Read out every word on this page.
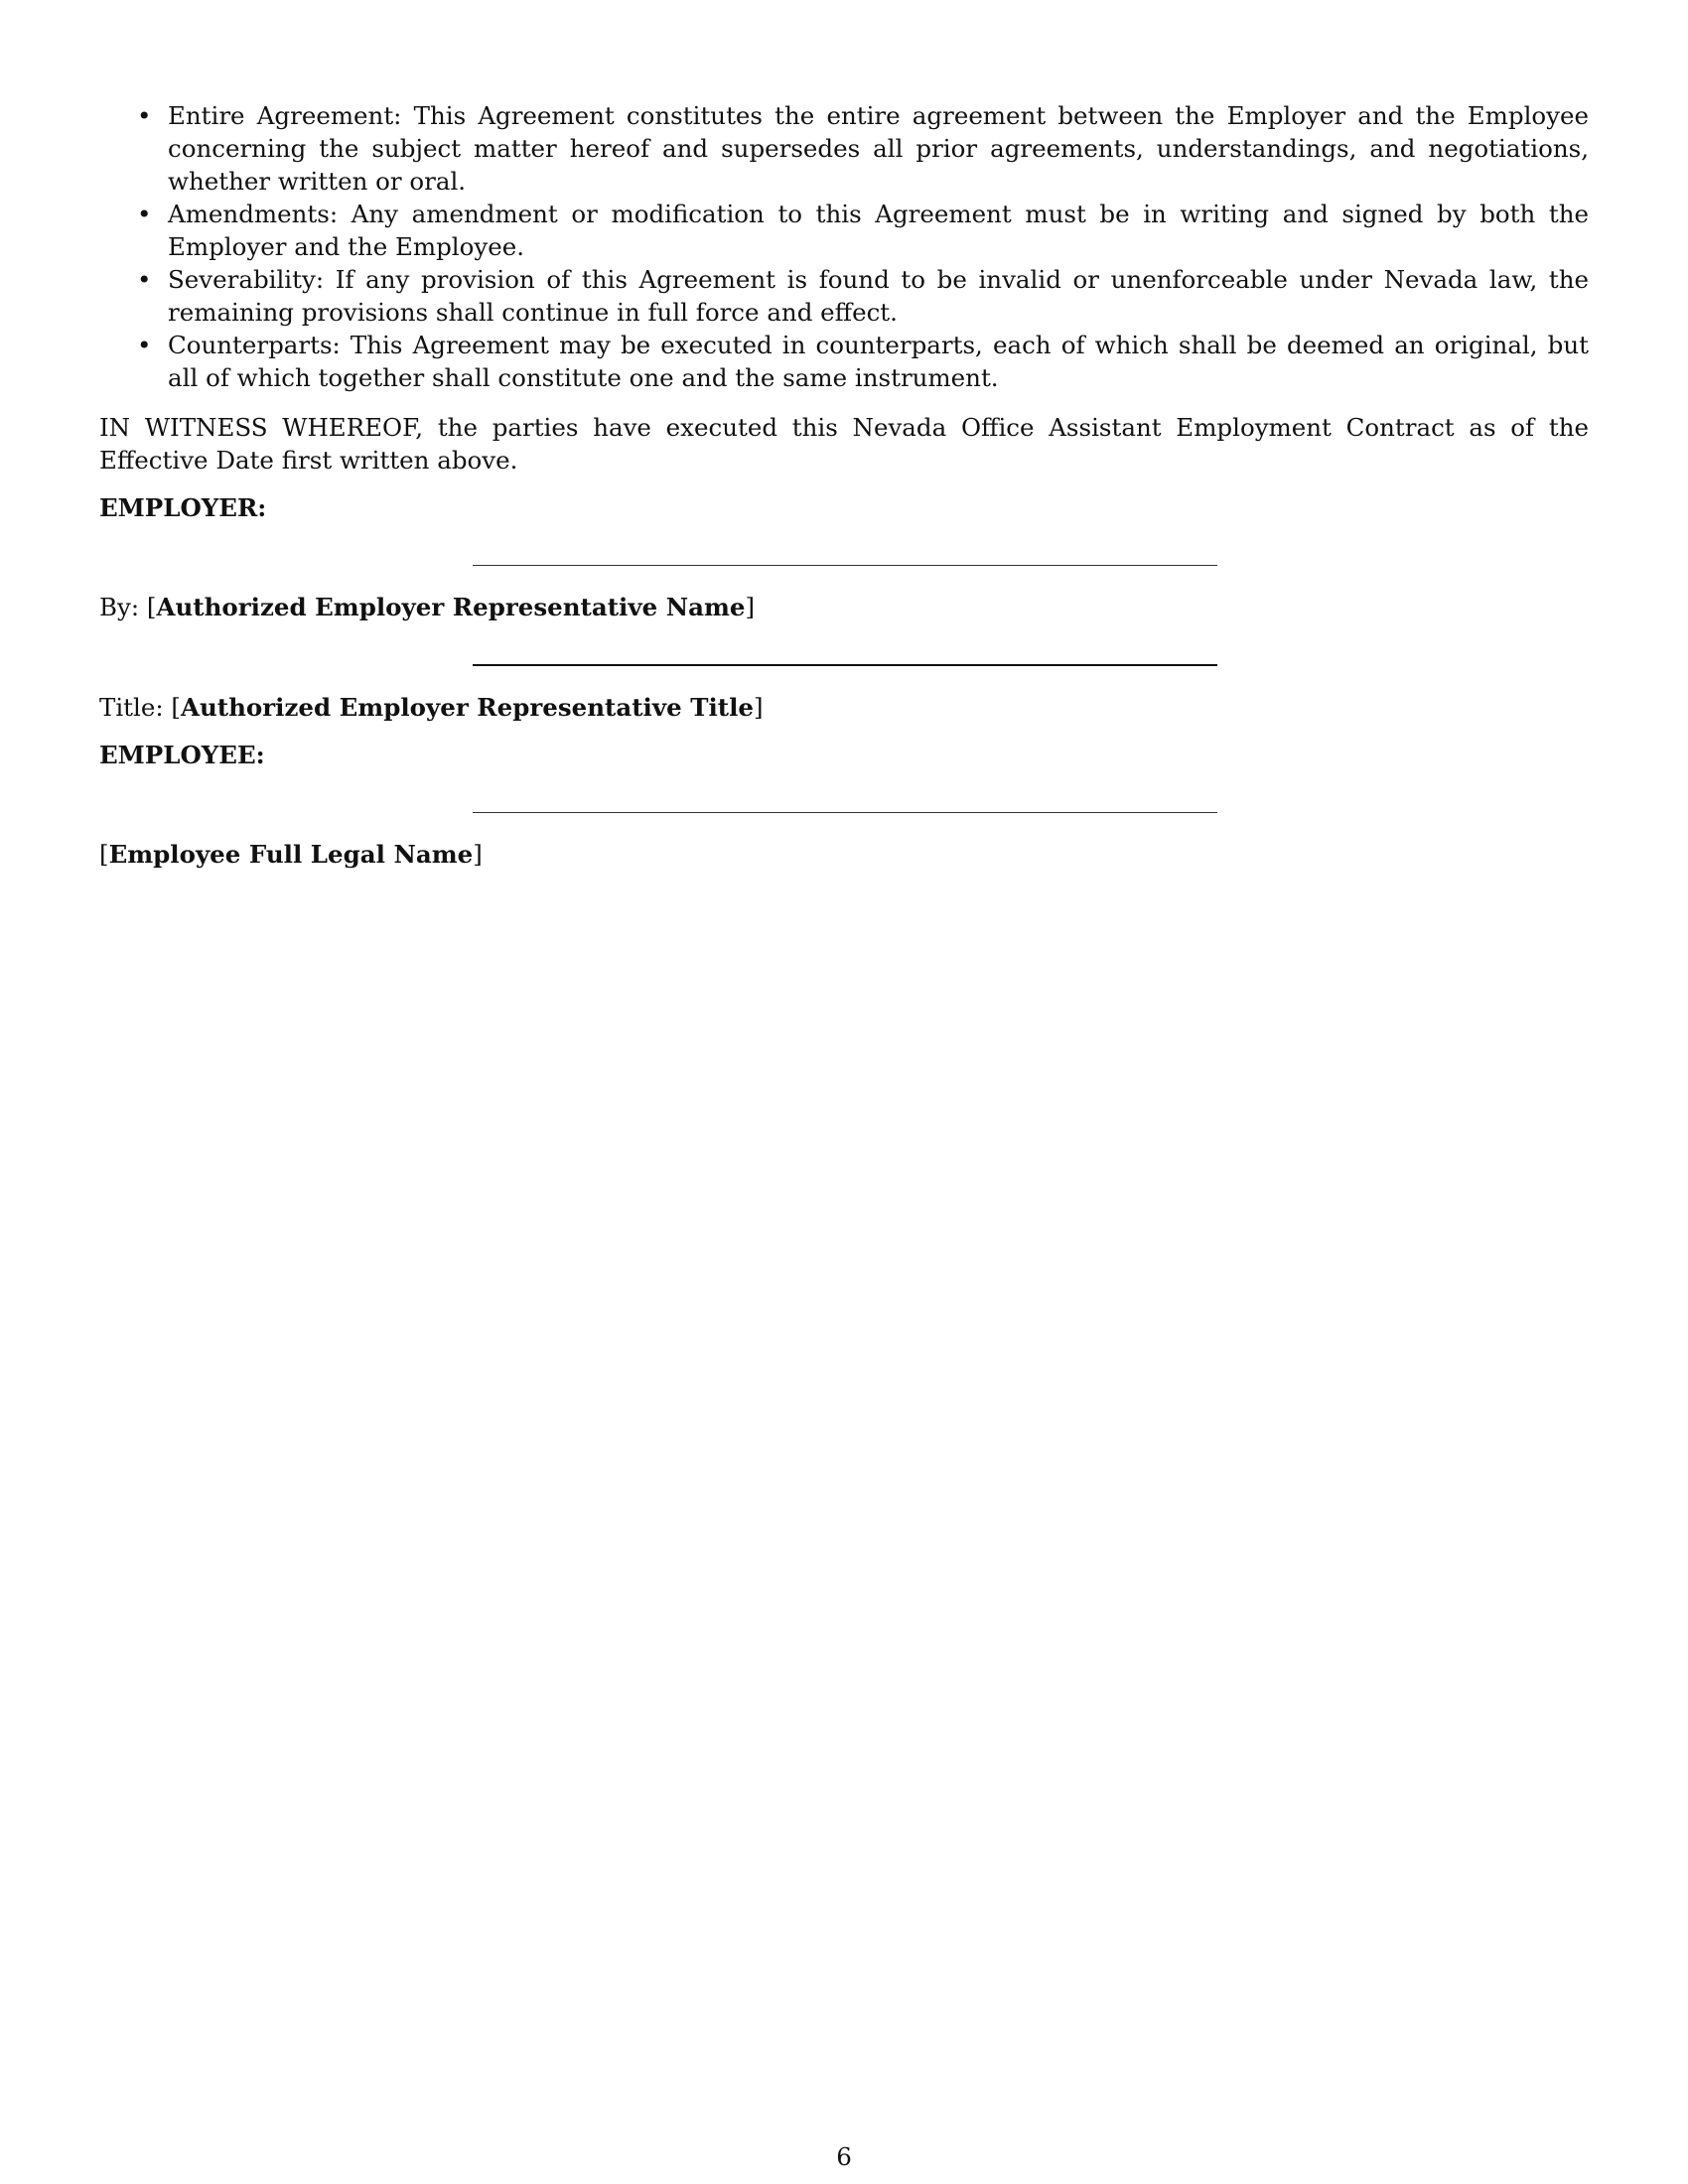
• Entire Agreement: This Agreement constitutes the entire agreement between the Employer and the Employee concerning the subject matter hereof and supersedes all prior agreements, understandings, and negotiations, whether written or oral.
• Amendments: Any amendment or modification to this Agreement must be in writing and signed by both the Employer and the Employee.
• Severability: If any provision of this Agreement is found to be invalid or unenforceable under Nevada law, the remaining provisions shall continue in full force and effect.
• Counterparts: This Agreement may be executed in counterparts, each of which shall be deemed an original, but all of which together shall constitute one and the same instrument.

IN WITNESS WHEREOF, the parties have executed this Nevada Office Assistant Employment Contract as of the Effective Date first written above.

EMPLOYER:
By: [Authorized Employer Representative Name]
Title: [Authorized Employer Representative Title]
EMPLOYEE:
[Employee Full Legal Name]
6
